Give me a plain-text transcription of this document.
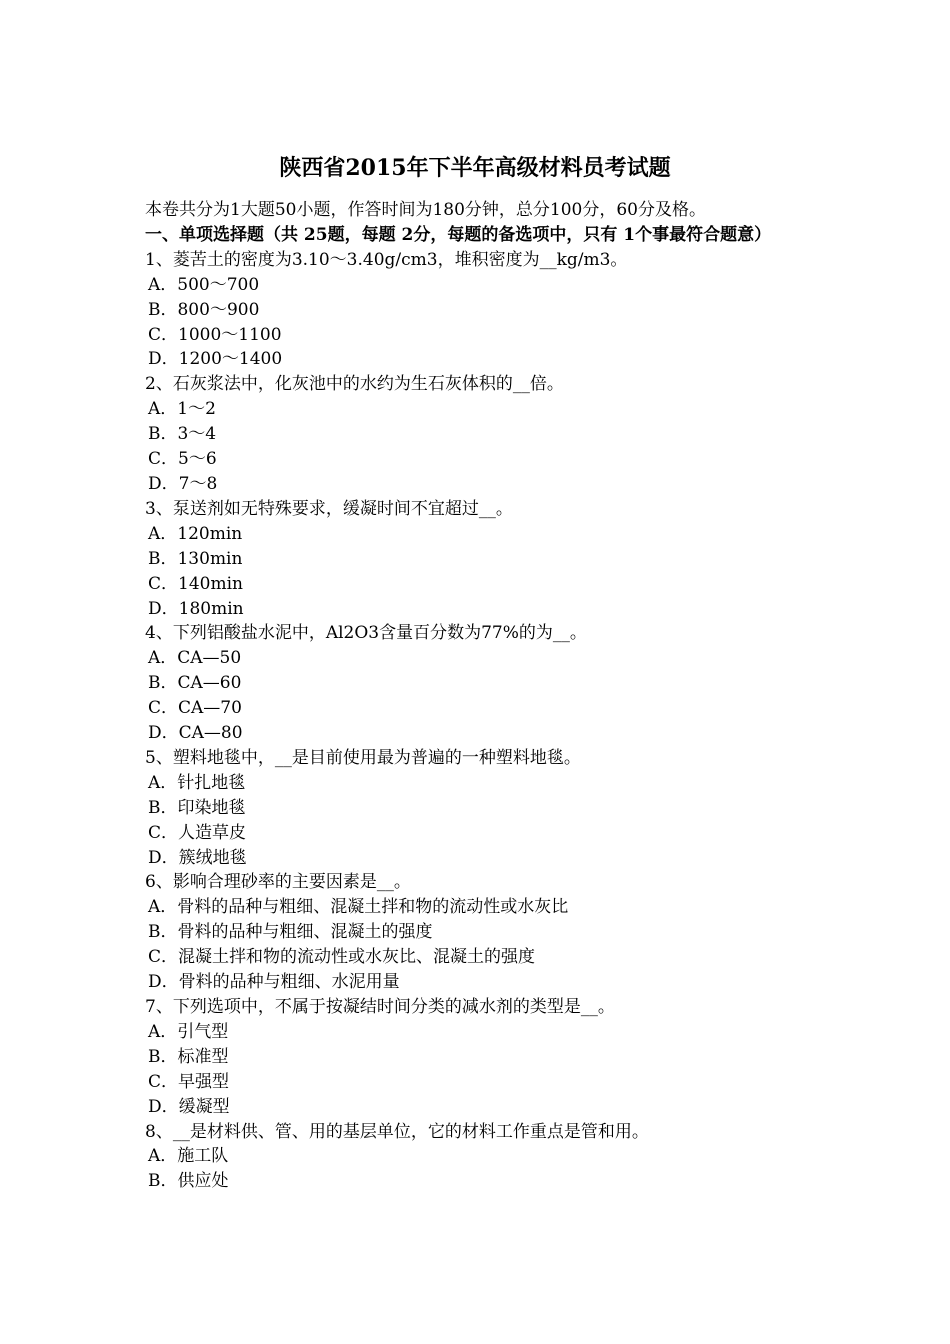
陕西省2015年下半年高级材料员考试题
本卷共分为1大题50小题，作答时间为180分钟，总分100分，60分及格。
一、单项选择题（共 25题，每题 2分，每题的备选项中，只有 1个事最符合题意）
1、菱苦土的密度为3.10～3.40g/cm3，堆积密度为__kg/m3。
A．500～700
B．800～900
C．1000～1100
D．1200～1400
2、石灰浆法中，化灰池中的水约为生石灰体积的__倍。
A．1～2
B．3～4
C．5～6
D．7～8
3、泵送剂如无特殊要求，缓凝时间不宜超过__。
A．120min
B．130min
C．140min
D．180min
4、下列铝酸盐水泥中，Al2O3含量百分数为77%的为__。
A．CA—50
B．CA—60
C．CA—70
D．CA—80
5、塑料地毯中，__是目前使用最为普遍的一种塑料地毯。
A．针扎地毯
B．印染地毯
C．人造草皮
D．簇绒地毯
6、影响合理砂率的主要因素是__。
A．骨料的品种与粗细、混凝土拌和物的流动性或水灰比
B．骨料的品种与粗细、混凝土的强度
C．混凝土拌和物的流动性或水灰比、混凝土的强度
D．骨料的品种与粗细、水泥用量
7、下列选项中，不属于按凝结时间分类的减水剂的类型是__。
A．引气型
B．标准型
C．早强型
D．缓凝型
8、__是材料供、管、用的基层单位，它的材料工作重点是管和用。
A．施工队
B．供应处
